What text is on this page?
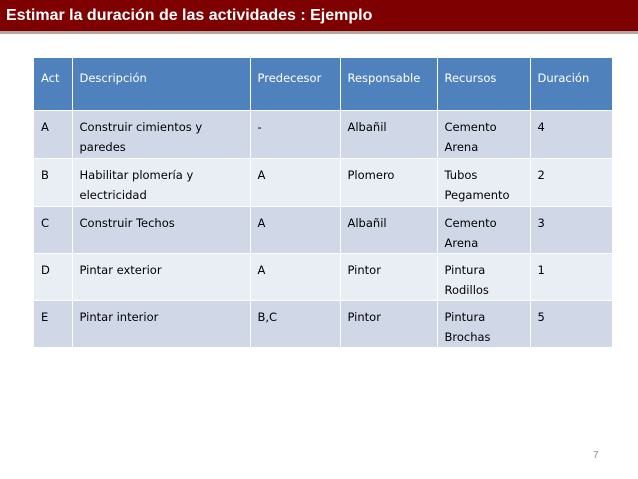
Estimar la duración de las actividades : Ejemplo
Act	Descripción	Predecesor	Responsable	Recursos	Duración
A	Construir cimientos y paredes	-	Albañil	Cemento Arena	4
B	Habilitar plomería y electricidad	A	Plomero	Tubos Pegamento	2
C	Construir Techos	A	Albañil	Cemento Arena	3
D	Pintar exterior	A	Pintor	Pintura Rodillos	1
E	Pintar interior	B,C	Pintor	Pintura Brochas	5
7
